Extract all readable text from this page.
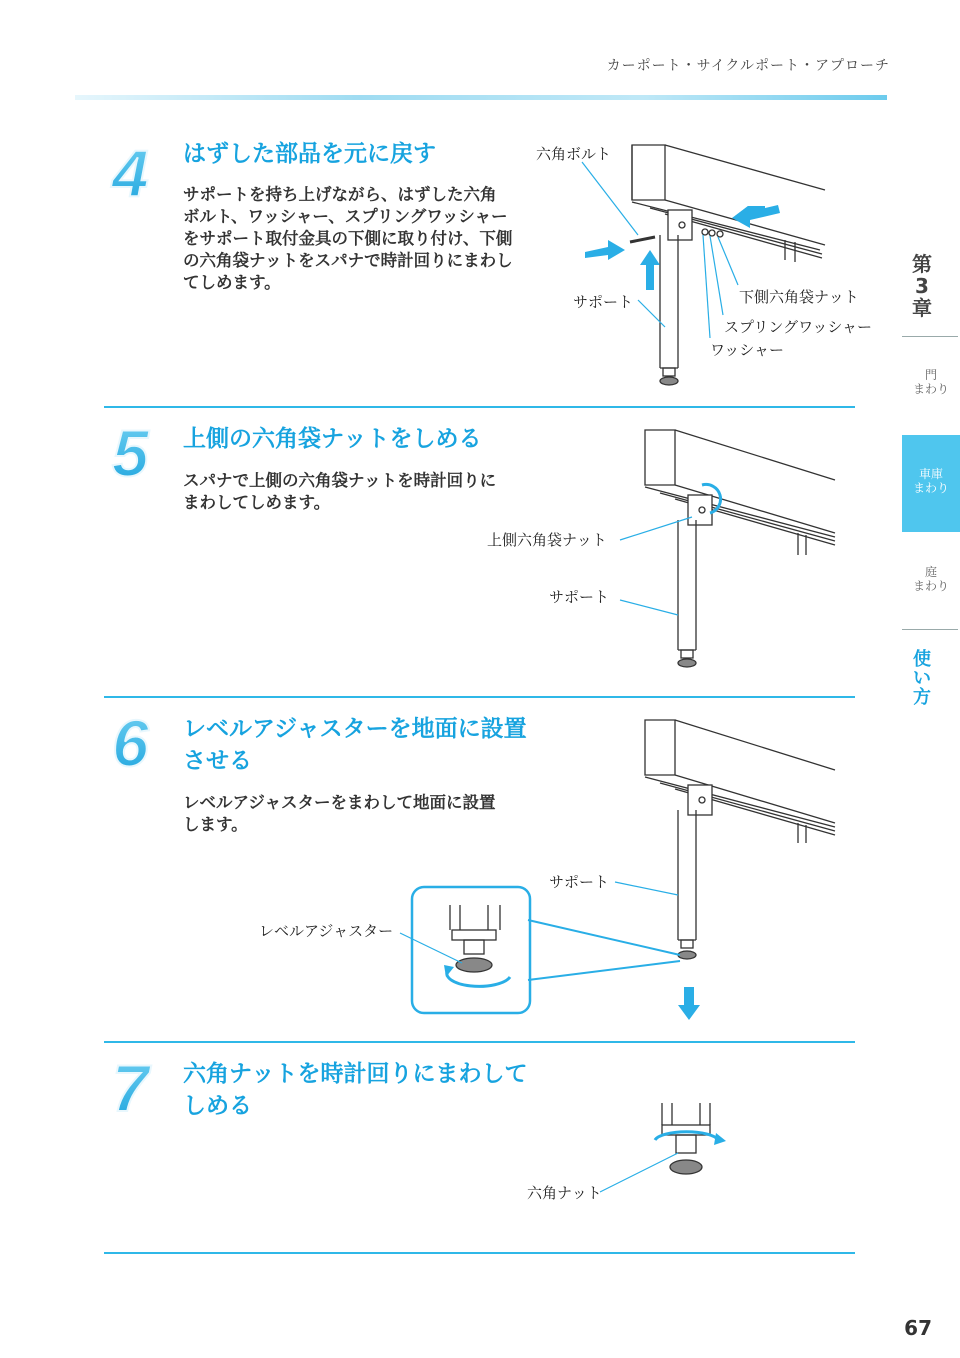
カーポート・サイクルポート・アプローチ
4 はずした部品を元に戻す
サポートを持ち上げながら、はずした六角
ボルト、ワッシャー、スプリングワッシャー
をサポート取付金具の下側に取り付け、下側
の六角袋ナットをスパナで時計回りにまわし
てしめます。
六角ボルト
サポート	下側六角袋ナット
スプリングワッシャー
ワッシャー
5 上側の六角袋ナットをしめる
スパナで上側の六角袋ナットを時計回りに
まわしてしめます。
上側六角袋ナット
サポート
6 レベルアジャスターを地面に設置
させる
レベルアジャスターをまわして地面に設置
します。
サポート
レベルアジャスター
7 六角ナットを時計回りにまわして
しめる
六角ナット
第
3
章
門
まわり
車庫
まわり
庭
まわり
使
い
方
67
